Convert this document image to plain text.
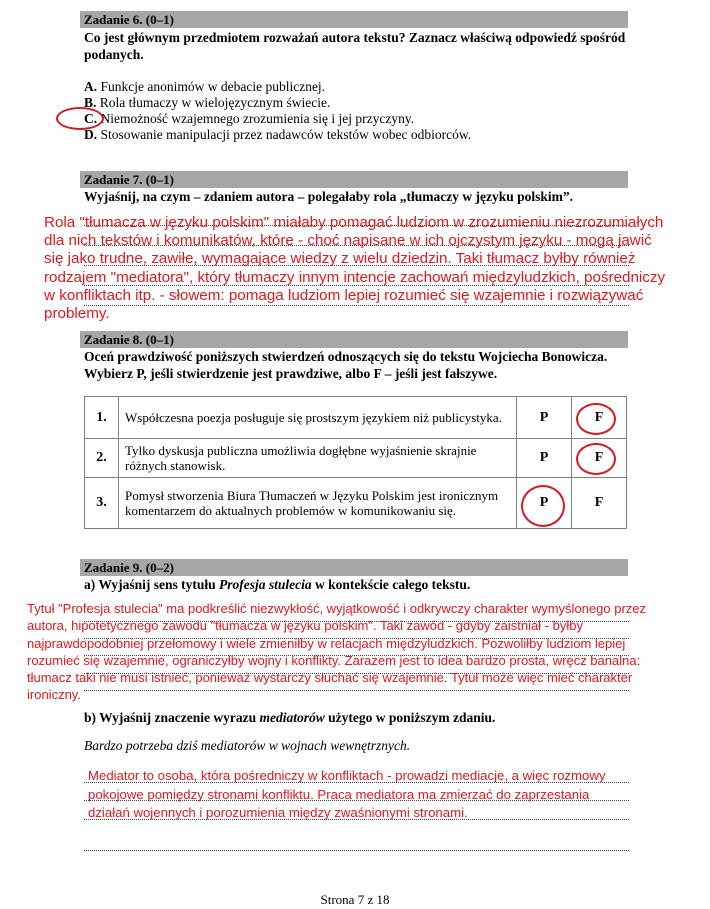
Zadanie 6. (0–1)
Co jest głównym przedmiotem rozważań autora tekstu? Zaznacz właściwą odpowiedź spośród podanych.
A. Funkcje anonimów w debacie publicznej.
B. Rola tłumaczy w wielojęzycznym świecie.
C. Niemożność wzajemnego zrozumienia się i jej przyczyny.
D. Stosowanie manipulacji przez nadawców tekstów wobec odbiorców.
Zadanie 7. (0–1)
Wyjaśnij, na czym – zdaniem autora – polegałaby rola „tłumaczy w języku polskim”.
Rola "tłumacza w języku polskim" miałaby pomagać ludziom w zrozumieniu niezrozumiałych
dla nich tekstów i komunikatów, które - choć napisane w ich ojczystym języku - mogą jawić
się jako trudne, zawiłe, wymagające wiedzy z wielu dziedzin. Taki tłumacz byłby również
rodzajem "mediatora", który tłumaczy innym intencje zachowań międzyludzkich, pośredniczy
w konfliktach itp. - słowem: pomaga ludziom lepiej rozumieć się wzajemnie i rozwiązywać
problemy.
Zadanie 8. (0–1)
Oceń prawdziwość poniższych stwierdzeń odnoszących się do tekstu Wojciecha Bonowicza. Wybierz P, jeśli stwierdzenie jest prawdziwe, albo F – jeśli jest fałszywe.
1.	Współczesna poezja posługuje się prostszym językiem niż publicystyka.	P	F
2.	Tylko dyskusja publiczna umożliwia dogłębne wyjaśnienie skrajnie różnych stanowisk.	P	F
3.	Pomysł stworzenia Biura Tłumaczeń w Języku Polskim jest ironicznym komentarzem do aktualnych problemów w komunikowaniu się.	P	F
Zadanie 9. (0–2)
a) Wyjaśnij sens tytułu Profesja stulecia w kontekście całego tekstu.
Tytuł "Profesja stulecia" ma podkreślić niezwykłość, wyjątkowość i odkrywczy charakter wymyślonego przez
autora, hipotetycznego zawodu "tłumacza w języku polskim". Taki zawód - gdyby zaistniał - byłby
najprawdopodobniej przełomowy i wiele zmieniłby w relacjach międzyludzkich. Pozwoliłby ludziom lepiej
rozumieć się wzajemnie, ograniczyłby wojny i konflikty. Zarazem jest to idea bardzo prosta, wręcz banalna:
tłumacz taki nie musi istnieć, ponieważ wystarczy słuchać się wzajemnie. Tytuł może więc mieć charakter
ironiczny.
b) Wyjaśnij znaczenie wyrazu mediatorów użytego w poniższym zdaniu.
Bardzo potrzeba dziś mediatorów w wojnach wewnętrznych.
Mediator to osoba, która pośredniczy w konfliktach - prowadzi mediacje, a więc rozmowy
pokojowe pomiędzy stronami konfliktu. Praca mediatora ma zmierzać do zaprzestania
działań wojennych i porozumienia między zwaśnionymi stronami.
Strona 7 z 18
